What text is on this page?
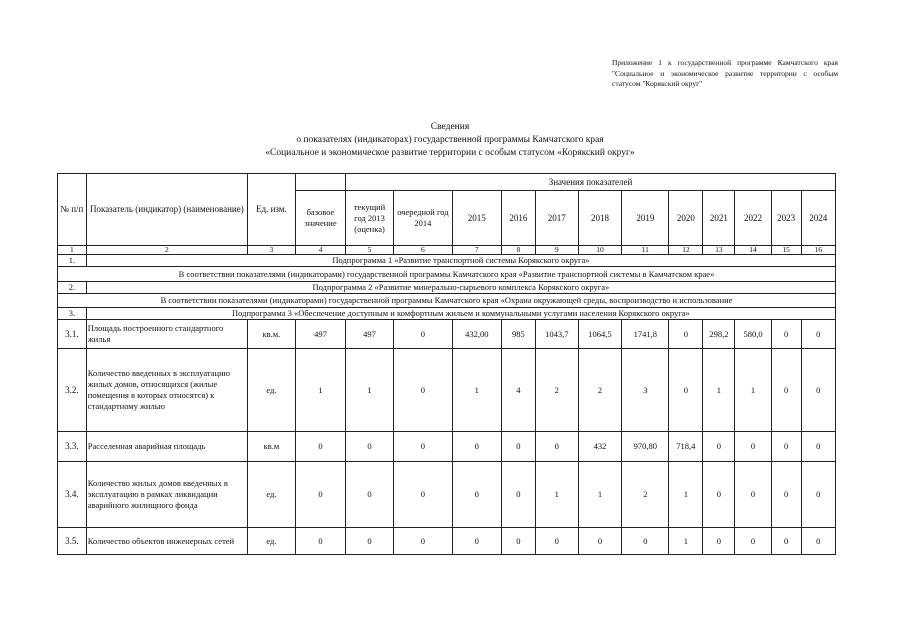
Приложение 1 к государственной программе Камчатского края "Социальное и экономическое развитие территории с особым статусом "Корякский округ"
Сведения
о показателях (индикаторах) государственной программы Камчатского края
«Социальное и экономическое развитие территории с особым статусом «Корякский округ»
№ п/п	Показатель (индикатор) (наименование)	Ед. изм.		Значения показателей											
			базовое значение	текущий год 2013 (оценка)	очередной год 2014	2015	2016	2017	2018	2019	2020	2021	2022	2023	2024
1	2	3	4	5	6	7	8	9	10	11	12	13	14	15	16
1.	Подпрограмма 1 «Развитие транспортной системы Корякского округа»														
В соответствии показателями (индикаторами) государственной программы Камчатского края «Развитие транспортной системы в Камчатском крае»															
2.	Подпрограмма 2 «Развитие минерально-сырьевого комплекса Корякского округа»														
В соответствии показателями (индикаторами) государственной программы Камчатского края «Охрана окружающей среды, воспроизводство и использование															
3.	Подпрограмма 3 «Обеспечение доступным и комфортным жильем и коммунальными услугами населения Корякского округа»														
3.1.	Площадь построенного стандартного жилья	кв.м.	497	497	0	432,00	985	1043,7	1064,5	1741,8	0	298,2	580,0	0	0
3.2.	Количество введенных в эксплуатацию жилых домов, относящихся (жилые помещения в которых относятся) к стандартному жилью	ед.	1	1	0	1	4	2	2	3	0	1	1	0	0
3.3.	Расселенная аварийная площадь	кв.м	0	0	0	0	0	0	432	970,80	718,4	0	0	0	0
3.4.	Количество жилых домов введенных в эксплуатацию в рамках ликвидации аварийного жилищного фонда	ед.	0	0	0	0	0	1	1	2	1	0	0	0	0
3.5.	Количество объектов инженерных сетей	ед.	0	0	0	0	0	0	0	0	1	0	0	0	0
